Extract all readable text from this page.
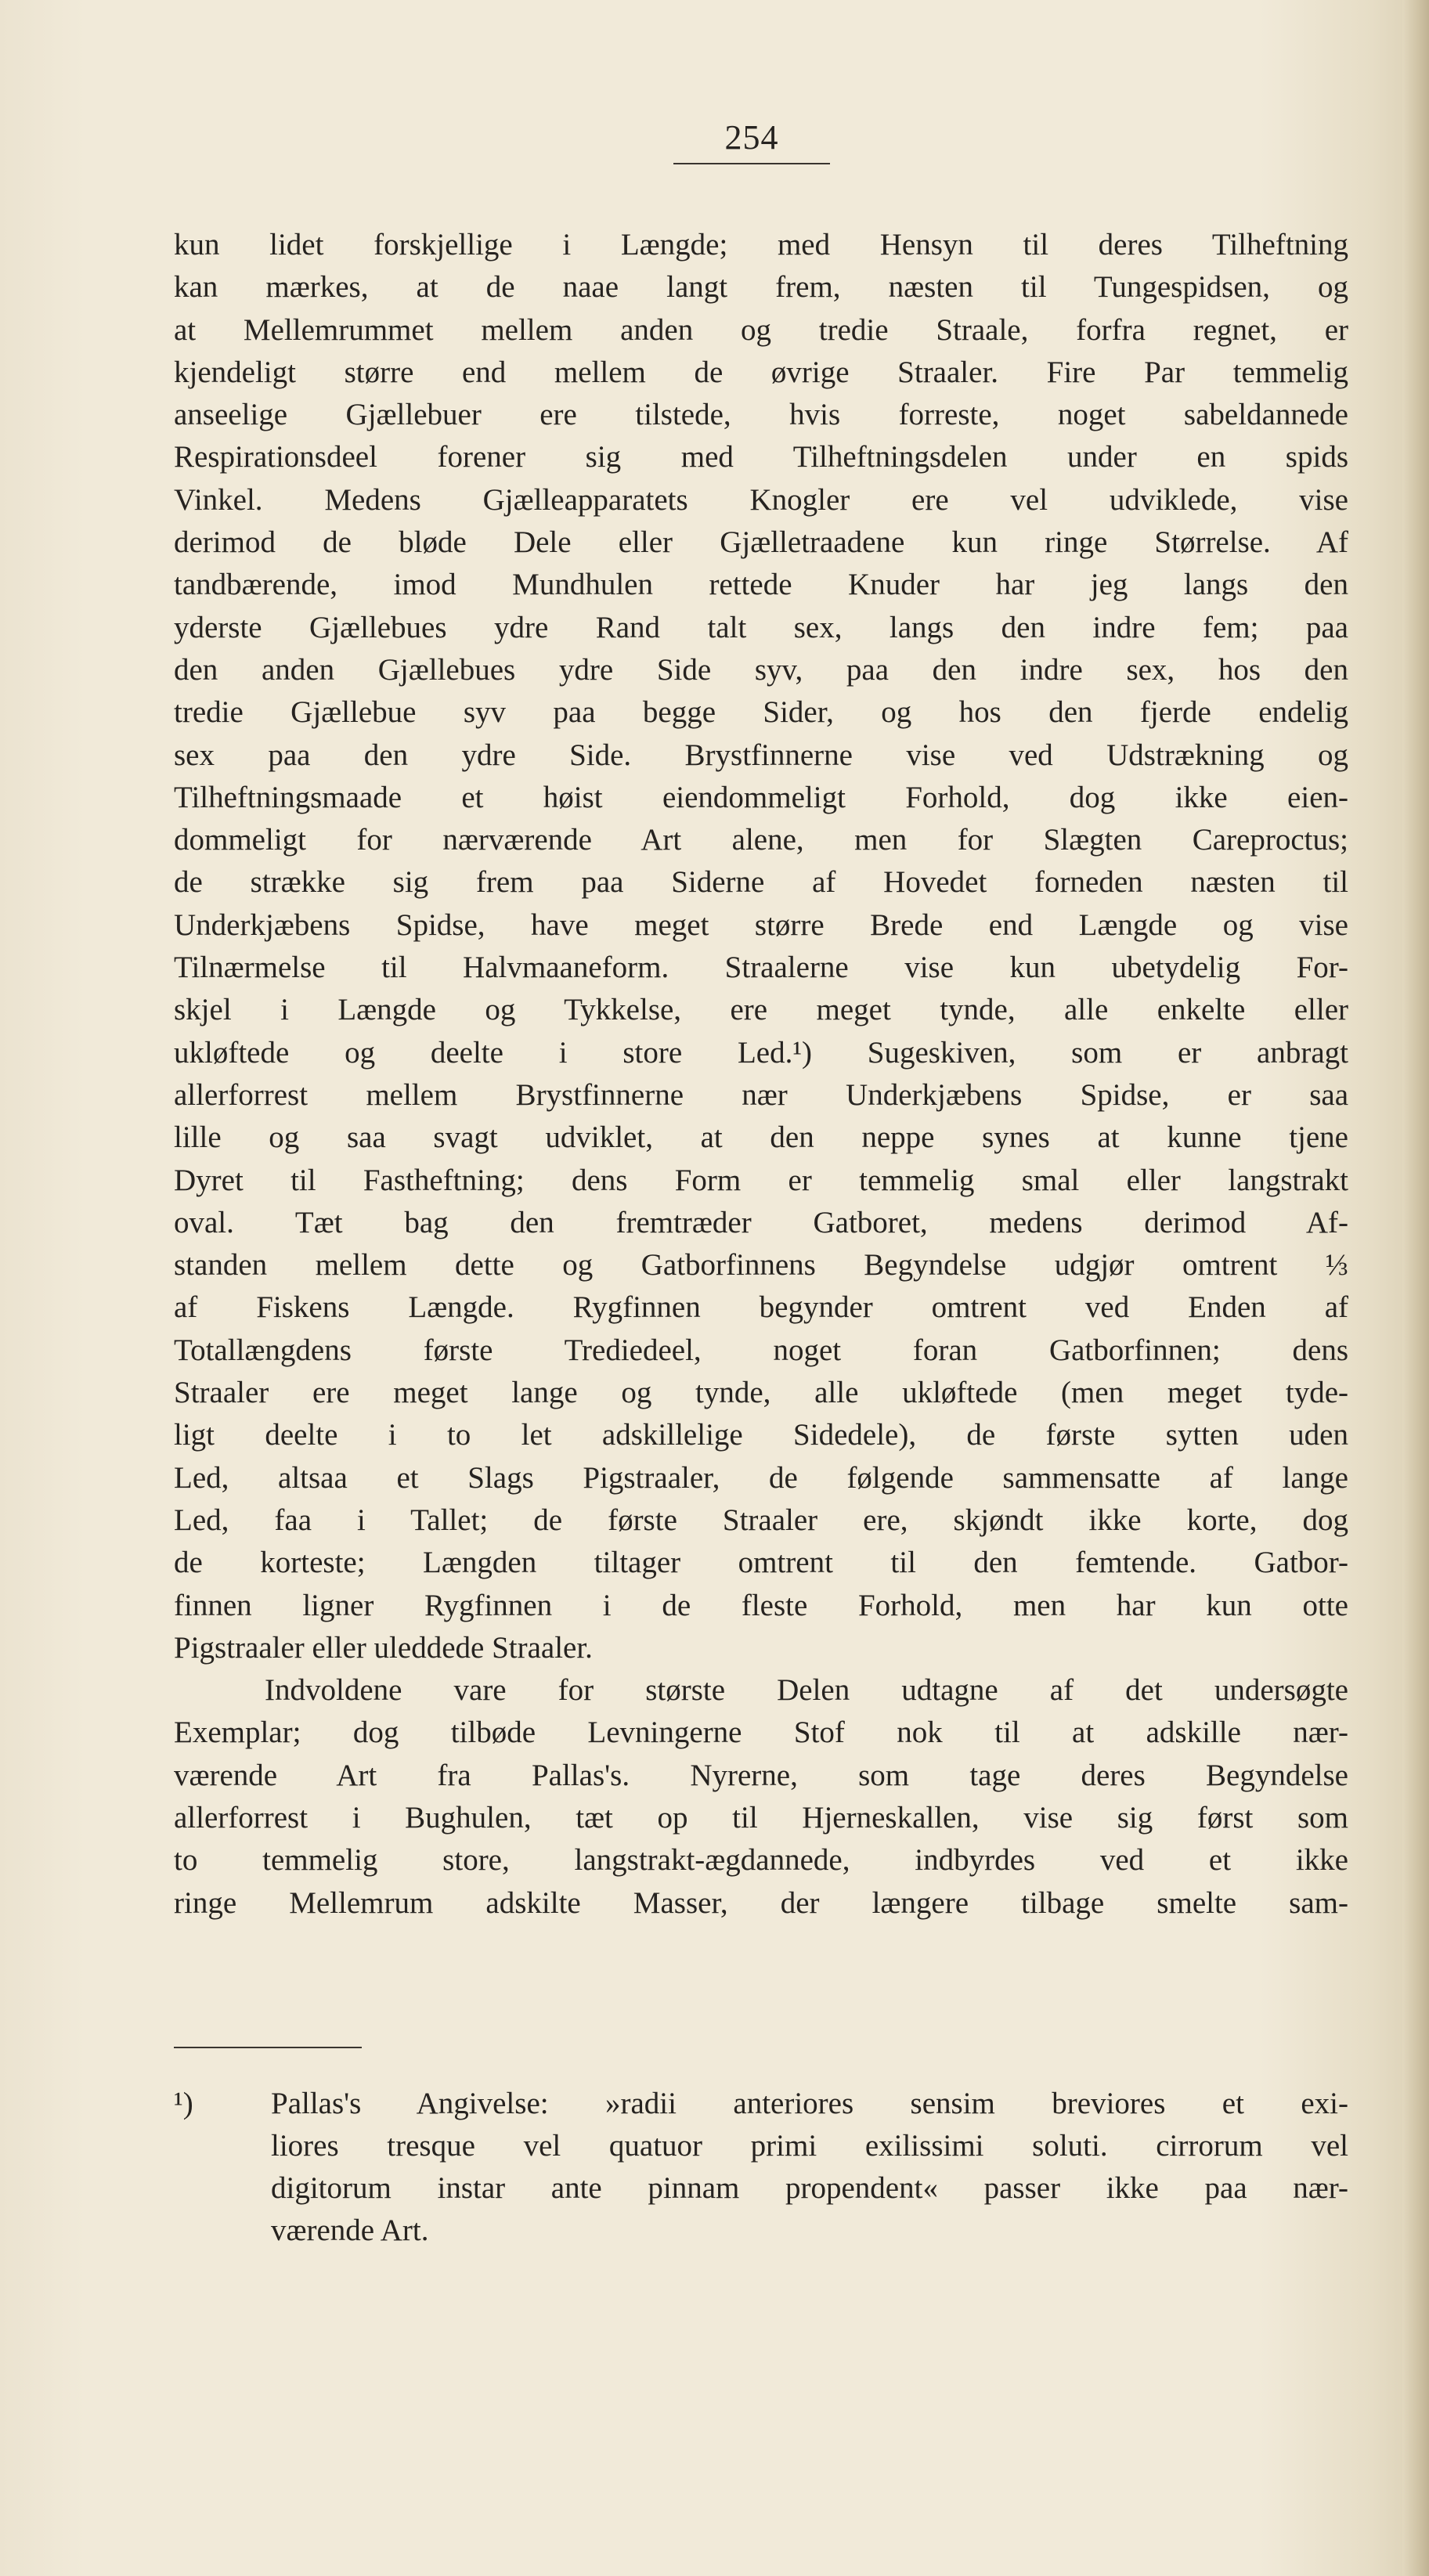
254
kun lidet forskjellige i Længde; med Hensyn til deres Tilheftning
kan mærkes, at de naae langt frem, næsten til Tungespidsen, og
at Mellemrummet mellem anden og tredie Straale, forfra regnet, er
kjendeligt større end mellem de øvrige Straaler. Fire Par temmelig
anseelige Gjællebuer ere tilstede, hvis forreste, noget sabeldannede
Respirationsdeel forener sig med Tilheftningsdelen under en spids
Vinkel. Medens Gjælleapparatets Knogler ere vel udviklede, vise
derimod de bløde Dele eller Gjælletraadene kun ringe Størrelse. Af
tandbærende, imod Mundhulen rettede Knuder har jeg langs den
yderste Gjællebues ydre Rand talt sex, langs den indre fem; paa
den anden Gjællebues ydre Side syv, paa den indre sex, hos den
tredie Gjællebue syv paa begge Sider, og hos den fjerde endelig
sex paa den ydre Side. Brystfinnerne vise ved Udstrækning og
Tilheftningsmaade et høist eiendommeligt Forhold, dog ikke eien-
dommeligt for nærværende Art alene, men for Slægten Careproctus;
de strække sig frem paa Siderne af Hovedet forneden næsten til
Underkjæbens Spidse, have meget større Brede end Længde og vise
Tilnærmelse til Halvmaaneform. Straalerne vise kun ubetydelig For-
skjel i Længde og Tykkelse, ere meget tynde, alle enkelte eller
ukløftede og deelte i store Led.¹) Sugeskiven, som er anbragt
allerforrest mellem Brystfinnerne nær Underkjæbens Spidse, er saa
lille og saa svagt udviklet, at den neppe synes at kunne tjene
Dyret til Fastheftning; dens Form er temmelig smal eller langstrakt
oval. Tæt bag den fremtræder Gatboret, medens derimod Af-
standen mellem dette og Gatborfinnens Begyndelse udgjør omtrent ⅓
af Fiskens Længde. Rygfinnen begynder omtrent ved Enden af
Totallængdens første Trediedeel, noget foran Gatborfinnen; dens
Straaler ere meget lange og tynde, alle ukløftede (men meget tyde-
ligt deelte i to let adskillelige Sidedele), de første sytten uden
Led, altsaa et Slags Pigstraaler, de følgende sammensatte af lange
Led, faa i Tallet; de første Straaler ere, skjøndt ikke korte, dog
de korteste; Længden tiltager omtrent til den femtende. Gatbor-
finnen ligner Rygfinnen i de fleste Forhold, men har kun otte
Pigstraaler eller uleddede Straaler.
Indvoldene vare for største Delen udtagne af det undersøgte
Exemplar; dog tilbøde Levningerne Stof nok til at adskille nær-
værende Art fra Pallas's. Nyrerne, som tage deres Begyndelse
allerforrest i Bughulen, tæt op til Hjerneskallen, vise sig først som
to temmelig store, langstrakt-ægdannede, indbyrdes ved et ikke
ringe Mellemrum adskilte Masser, der længere tilbage smelte sam-
¹)	Pallas's Angivelse: »radii anteriores sensim breviores et exi-
liores tresque vel quatuor primi exilissimi soluti. cirrorum vel
digitorum instar ante pinnam propendent« passer ikke paa nær-
værende Art.
